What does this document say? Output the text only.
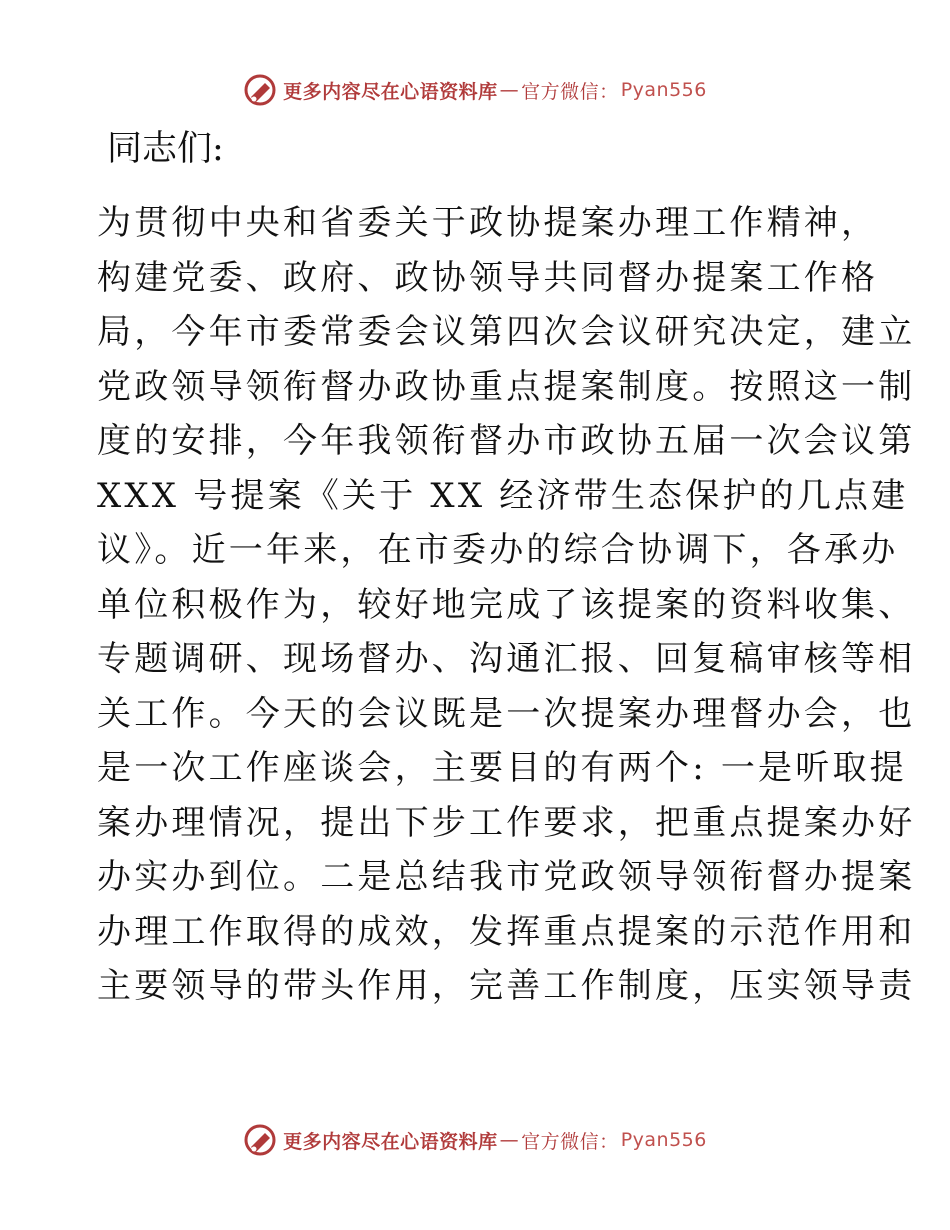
更多内容尽在心语资料库 — 官方微信： Pyan556

同志们:

为贯彻中央和省委关于政协提案办理工作精神，
构建党委、政府、政协领导共同督办提案工作格
局，今年市委常委会议第四次会议研究决定，建立
党政领导领衔督办政协重点提案制度。按照这一制
度的安排，今年我领衔督办市政协五届一次会议第
XXX 号提案《关于 XX 经济带生态保护的几点建
议》。近一年来，在市委办的综合协调下，各承办
单位积极作为，较好地完成了该提案的资料收集、
专题调研、现场督办、沟通汇报、回复稿审核等相
关工作。今天的会议既是一次提案办理督办会，也
是一次工作座谈会，主要目的有两个: 一是听取提
案办理情况，提出下步工作要求，把重点提案办好
办实办到位。二是总结我市党政领导领衔督办提案
办理工作取得的成效，发挥重点提案的示范作用和
主要领导的带头作用，完善工作制度，压实领导责
更多内容尽在心语资料库 — 官方微信： Pyan556
